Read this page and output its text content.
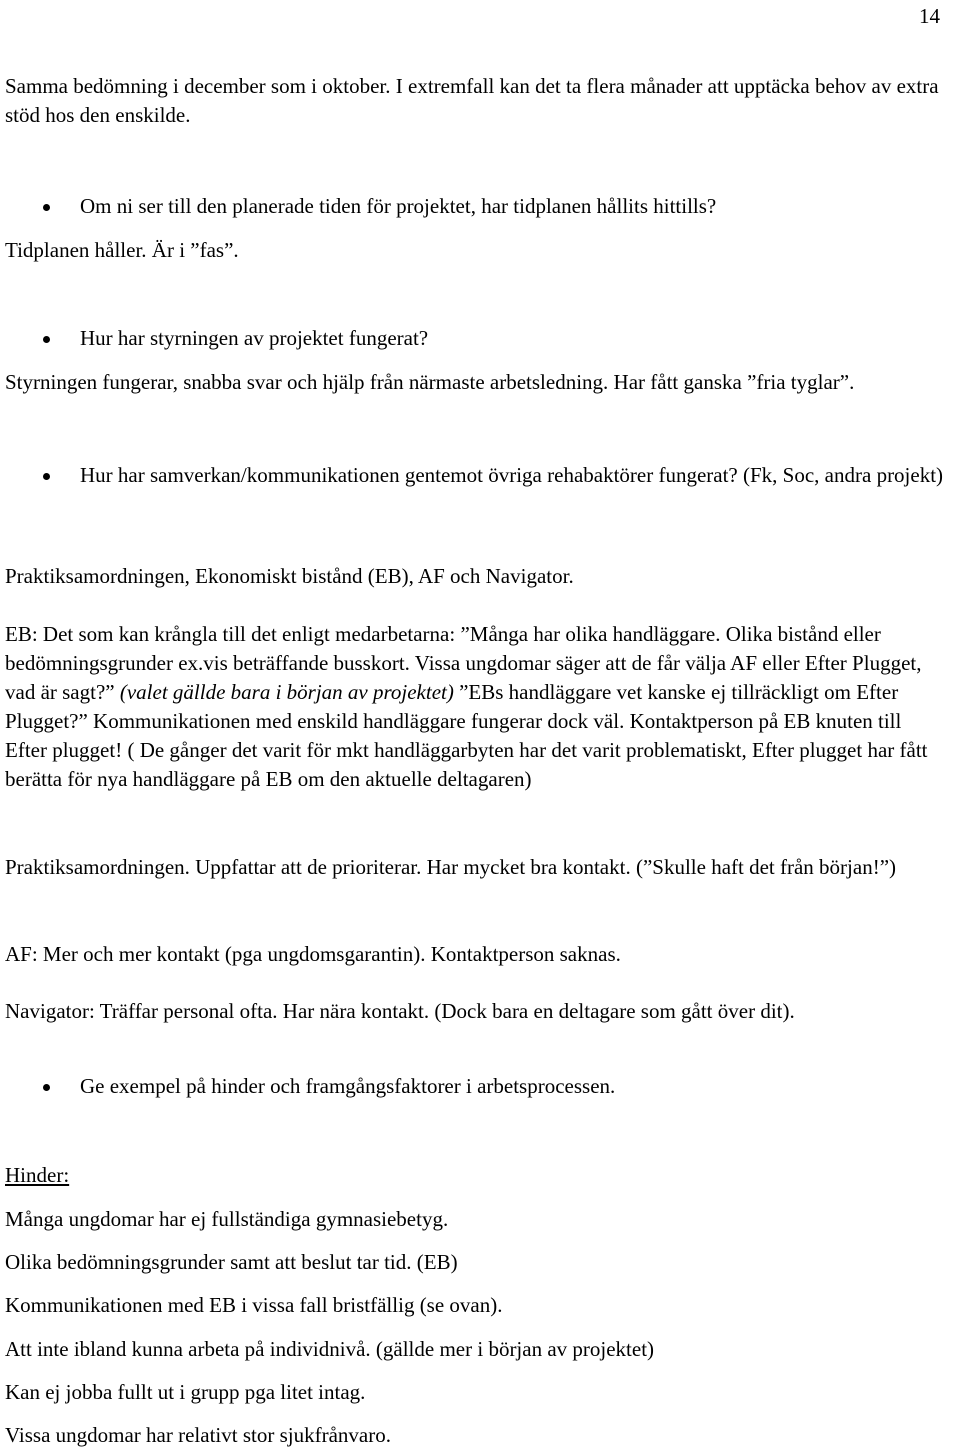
14
Samma bedömning i december som i oktober. I extremfall kan det ta flera månader att upptäcka behov av extra stöd hos den enskilde.
Om ni ser till den planerade tiden för projektet, har tidplanen hållits hittills?
Tidplanen håller. Är i ”fas”.
Hur har styrningen av projektet fungerat?
Styrningen fungerar, snabba svar och hjälp från närmaste arbetsledning. Har fått ganska ”fria tyglar”.
Hur har samverkan/kommunikationen gentemot övriga rehabaktörer fungerat? (Fk, Soc, andra projekt)
Praktiksamordningen, Ekonomiskt bistånd (EB), AF och Navigator.
EB: Det som kan krångla till det enligt medarbetarna: ”Många har olika handläggare. Olika bistånd eller bedömningsgrunder ex.vis beträffande busskort. Vissa ungdomar säger att de får välja AF eller Efter Plugget, vad är sagt?” (valet gällde bara i början av projektet) ”EBs handläggare vet kanske ej tillräckligt om Efter Plugget?” Kommunikationen med enskild handläggare fungerar dock väl. Kontaktperson på EB knuten till Efter plugget! ( De gånger det varit för mkt handläggarbyten har det varit problematiskt, Efter plugget har fått berätta för nya handläggare på EB om den aktuelle deltagaren)
Praktiksamordningen. Uppfattar att de prioriterar. Har mycket bra kontakt. (”Skulle haft det från början!”)
AF: Mer och mer kontakt (pga ungdomsgarantin). Kontaktperson saknas.
Navigator: Träffar personal ofta. Har nära kontakt. (Dock bara en deltagare som gått över dit).
Ge exempel på hinder och framgångsfaktorer i arbetsprocessen.
Hinder:
Många ungdomar har ej fullständiga gymnasiebetyg.
Olika bedömningsgrunder samt att beslut tar tid. (EB)
Kommunikationen med EB i vissa fall bristfällig (se ovan).
Att inte ibland kunna arbeta på individnivå. (gällde mer i början av projektet)
Kan ej jobba fullt ut i grupp pga litet intag.
Vissa ungdomar har relativt stor sjukfrånvaro.
